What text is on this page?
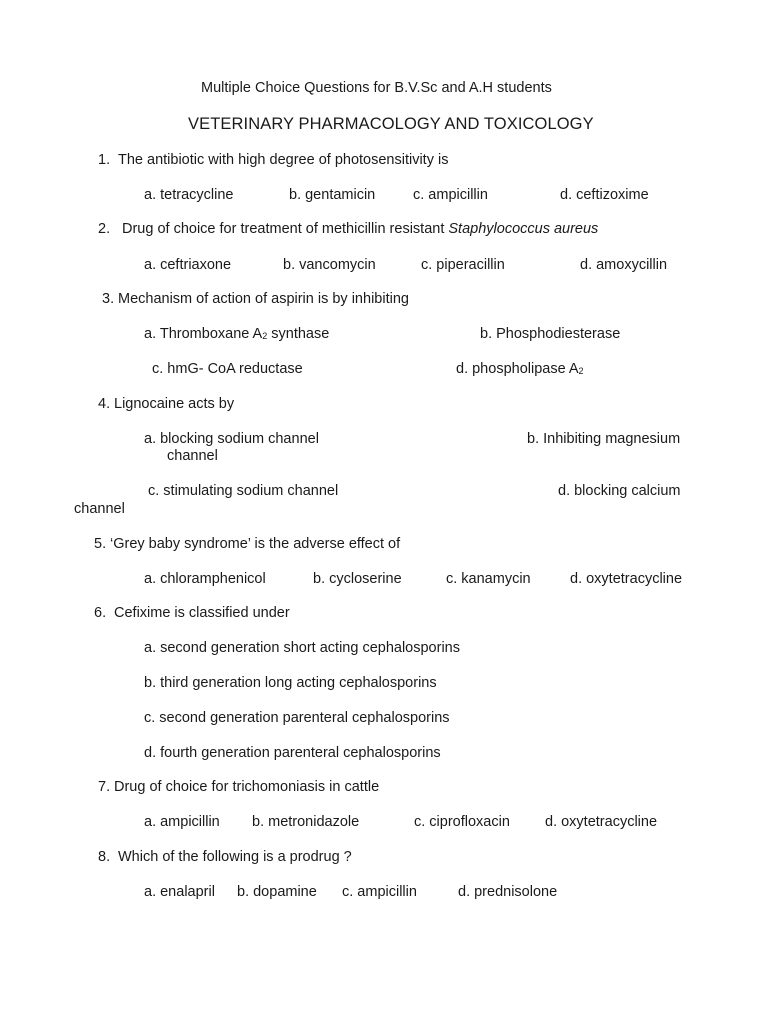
Multiple Choice Questions for B.V.Sc and A.H students
VETERINARY PHARMACOLOGY AND TOXICOLOGY
1. The antibiotic with high degree of photosensitivity is
a. tetracycline	b. gentamicin	c. ampicillin	d. ceftizoxime
2. Drug of choice for treatment of methicillin resistant Staphylococcus aureus
a. ceftriaxone	b. vancomycin	c. piperacillin	d. amoxycillin
3. Mechanism of action of aspirin is by inhibiting
a. Thromboxane $A_2$ synthase	b. Phosphodiesterase
c. hmG- CoA reductase	d. phospholipase $A_2$
4. Lignocaine acts by
a. blocking sodium channel	b. Inhibiting magnesium
channel
c. stimulating sodium channel	d. blocking calcium
channel
5. ‘Grey baby syndrome’ is the adverse effect of
a. chloramphenicol	b. cycloserine	c. kanamycin	d. oxytetracycline
6. Cefixime is classified under
a. second generation short acting cephalosporins
b. third generation long acting cephalosporins
c. second generation parenteral cephalosporins
d. fourth generation parenteral cephalosporins
7. Drug of choice for trichomoniasis in cattle
a. ampicillin b. metronidazole	c. ciprofloxacin d. oxytetracycline
8. Which of the following is a prodrug ?
a. enalapril b. dopamine c. ampicillin	d. prednisolone
